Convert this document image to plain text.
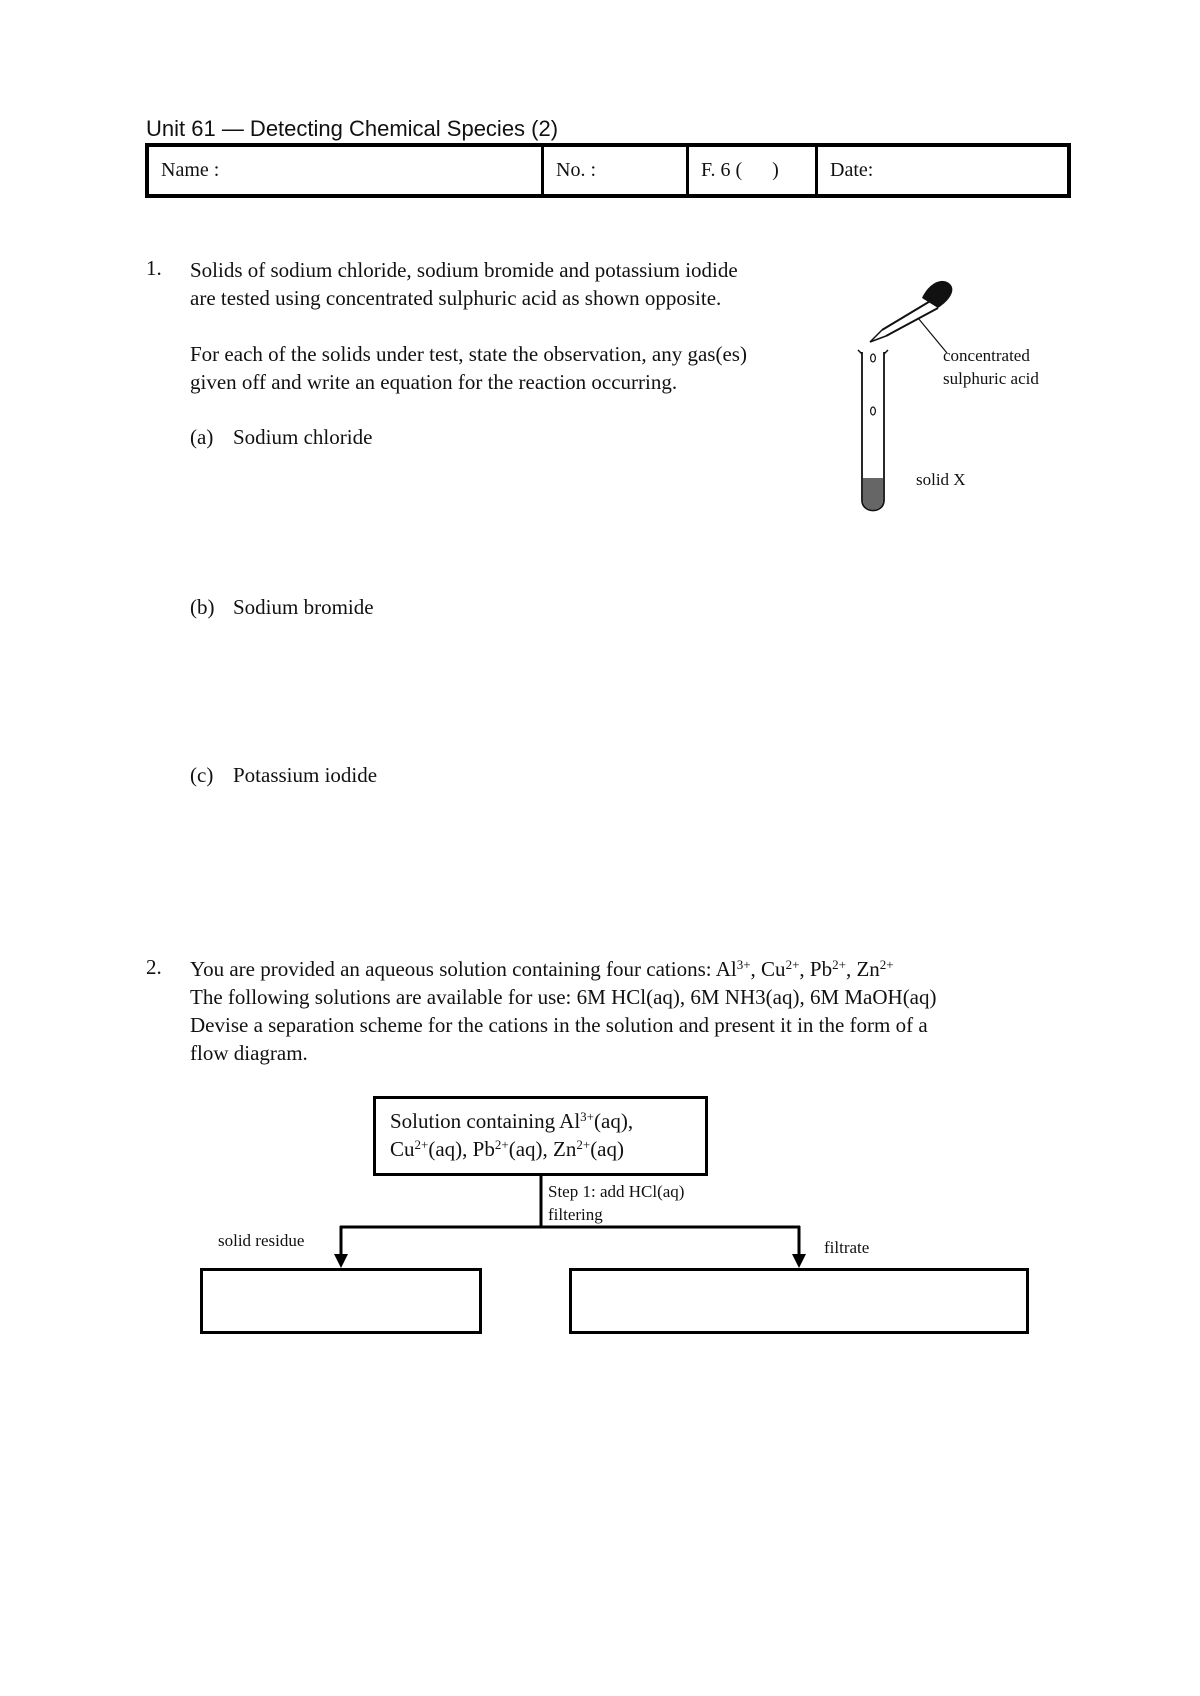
Unit 61 — Detecting Chemical Species (2)
Name :	No. :	F. 6 (      )	Date:
1. Solids of sodium chloride, sodium bromide and potassium iodide
are tested using concentrated sulphuric acid as shown opposite.
For each of the solids under test, state the observation, any gas(es)
given off and write an equation for the reaction occurring.
(a) Sodium chloride
(b) Sodium bromide
(c) Potassium iodide
concentrated
sulphuric acid
solid X
2. You are provided an aqueous solution containing four cations: $Al^{3+}$, $Cu^{2+}$, $Pb^{2+}$, $Zn^{2+}$
The following solutions are available for use: 6M HCl(aq), 6M NH3(aq), 6M MaOH(aq)
Devise a separation scheme for the cations in the solution and present it in the form of a
flow diagram.
Solution containing $Al^{3+}(aq)$,
$Cu^{2+}(aq)$, $Pb^{2+}(aq)$, $Zn^{2+}(aq)$
Step 1: add HCl(aq)
filtering
solid residue	filtrate
